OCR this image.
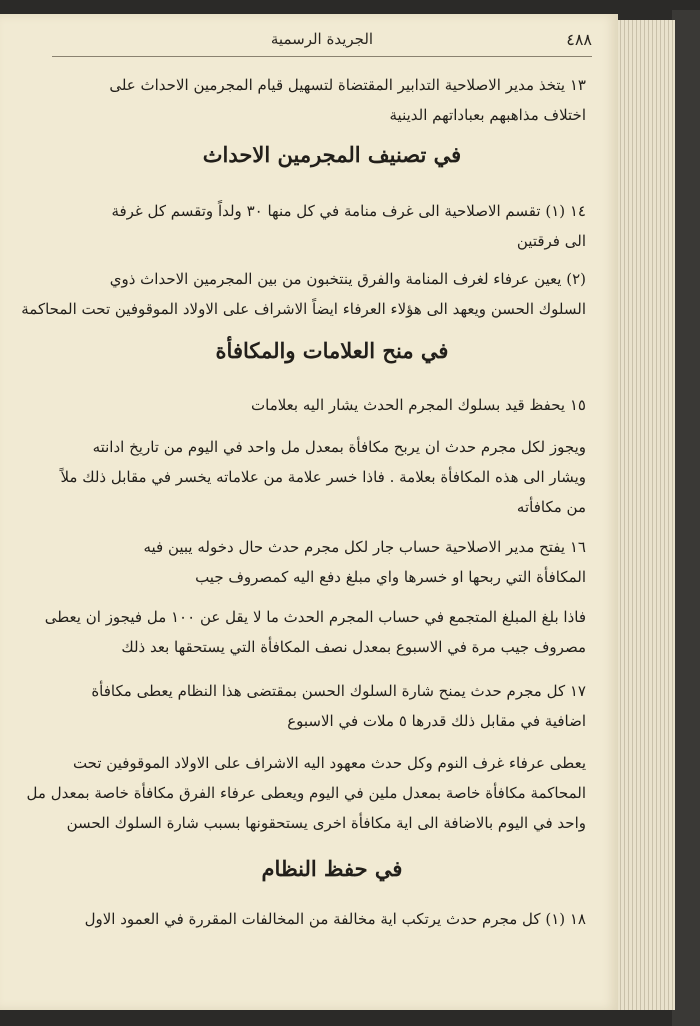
٤٨٨
الجريدة الرسمية
١٣ يتخذ مدير الاصلاحية التدابير المقتضاة لتسهيل قيام المجرمين الاحداث على
اختلاف مذاهبهم بعباداتهم الدينية
في تصنيف المجرمين الاحداث
١٤ (١) تقسم الاصلاحية الى غرف منامة في كل منها ٣٠ ولداً وتقسم كل غرفة
الى فرقتين
(٢) يعين عرفاء لغرف المنامة والفرق ينتخبون من بين المجرمين الاحداث ذوي
السلوك الحسن ويعهد الى هؤلاء العرفاء ايضاً الاشراف على الاولاد الموقوفين تحت المحاكمة
في منح العلامات والمكافأة
١٥ يحفظ قيد بسلوك المجرم الحدث يشار اليه بعلامات
ويجوز لكل مجرم حدث ان يربح مكافأة بمعدل مل واحد في اليوم من تاريخ ادانته
ويشار الى هذه المكافأة بعلامة . فاذا خسر علامة من علاماته يخسر في مقابل ذلك ملاً
من مكافأته
١٦ يفتح مدير الاصلاحية حساب جار لكل مجرم حدث حال دخوله يبين فيه
المكافأة التي ربحها او خسرها واي مبلغ دفع اليه كمصروف جيب
فاذا بلغ المبلغ المتجمع في حساب المجرم الحدث ما لا يقل عن ١٠٠ مل فيجوز ان يعطى
مصروف جيب مرة في الاسبوع بمعدل نصف المكافأة التي يستحقها بعد ذلك
١٧ كل مجرم حدث يمنح شارة السلوك الحسن بمقتضى هذا النظام يعطى مكافأة
اضافية في مقابل ذلك قدرها ٥ ملات في الاسبوع
يعطى عرفاء غرف النوم وكل حدث معهود اليه الاشراف على الاولاد الموقوفين تحت
المحاكمة مكافأة خاصة بمعدل ملين في اليوم ويعطى عرفاء الفرق مكافأة خاصة بمعدل مل
واحد في اليوم بالاضافة الى اية مكافأة اخرى يستحقونها بسبب شارة السلوك الحسن
في حفظ النظام
١٨ (١) كل مجرم حدث يرتكب اية مخالفة من المخالفات المقررة في العمود الاول
